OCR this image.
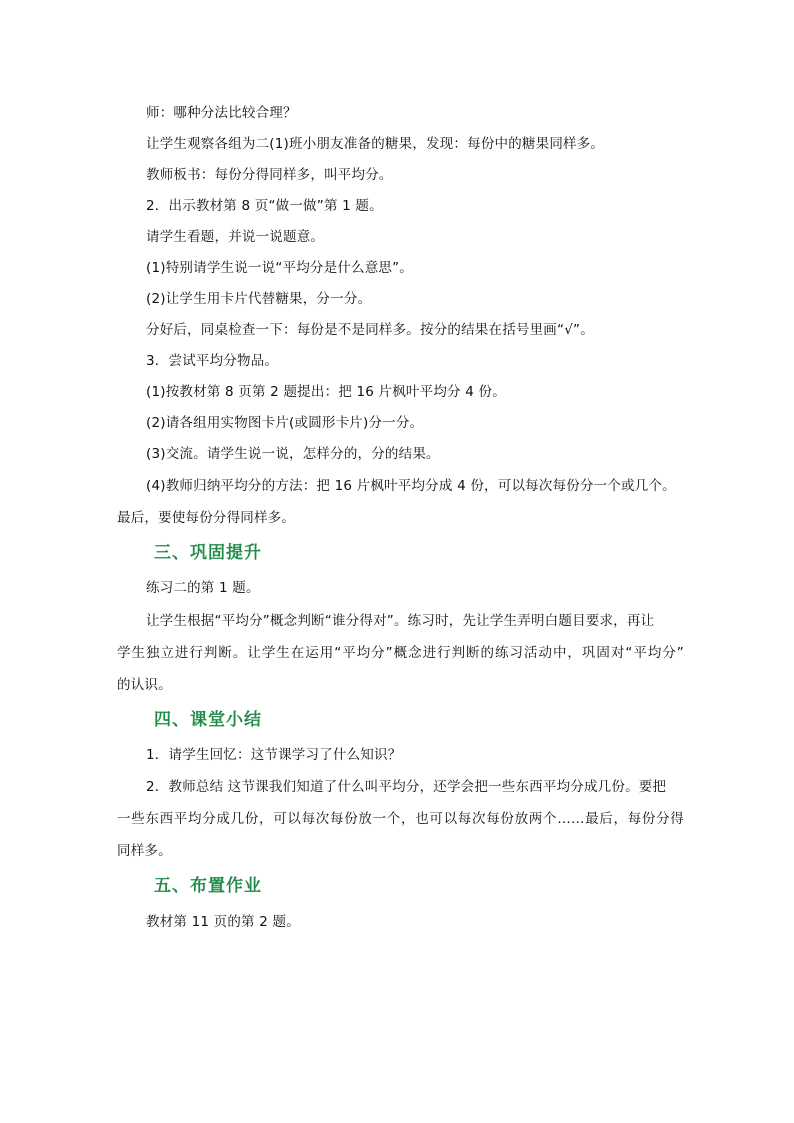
师：哪种分法比较合理？
让学生观察各组为二(1)班小朋友准备的糖果，发现：每份中的糖果同样多。
教师板书：每份分得同样多，叫平均分。
2．出示教材第 8 页“做一做”第 1 题。
请学生看题，并说一说题意。
(1)特别请学生说一说“平均分是什么意思”。
(2)让学生用卡片代替糖果，分一分。
分好后，同桌检查一下：每份是不是同样多。按分的结果在括号里画“√”。
3．尝试平均分物品。
(1)按教材第 8 页第 2 题提出：把 16 片枫叶平均分 4 份。
(2)请各组用实物图卡片(或圆形卡片)分一分。
(3)交流。请学生说一说，怎样分的，分的结果。
(4)教师归纳平均分的方法：把 16 片枫叶平均分成 4 份，可以每次每份分一个或几个。
最后，要使每份分得同样多。
三、巩固提升
练习二的第 1 题。
让学生根据“平均分”概念判断“谁分得对”。练习时，先让学生弄明白题目要求，再让
学生独立进行判断。让学生在运用“平均分”概念进行判断的练习活动中，巩固对“平均分”
的认识。
四、课堂小结
1．请学生回忆：这节课学习了什么知识？
2．教师总结 这节课我们知道了什么叫平均分，还学会把一些东西平均分成几份。要把
一些东西平均分成几份，可以每次每份放一个，也可以每次每份放两个……最后，每份分得
同样多。
五、布置作业
教材第 11 页的第 2 题。
